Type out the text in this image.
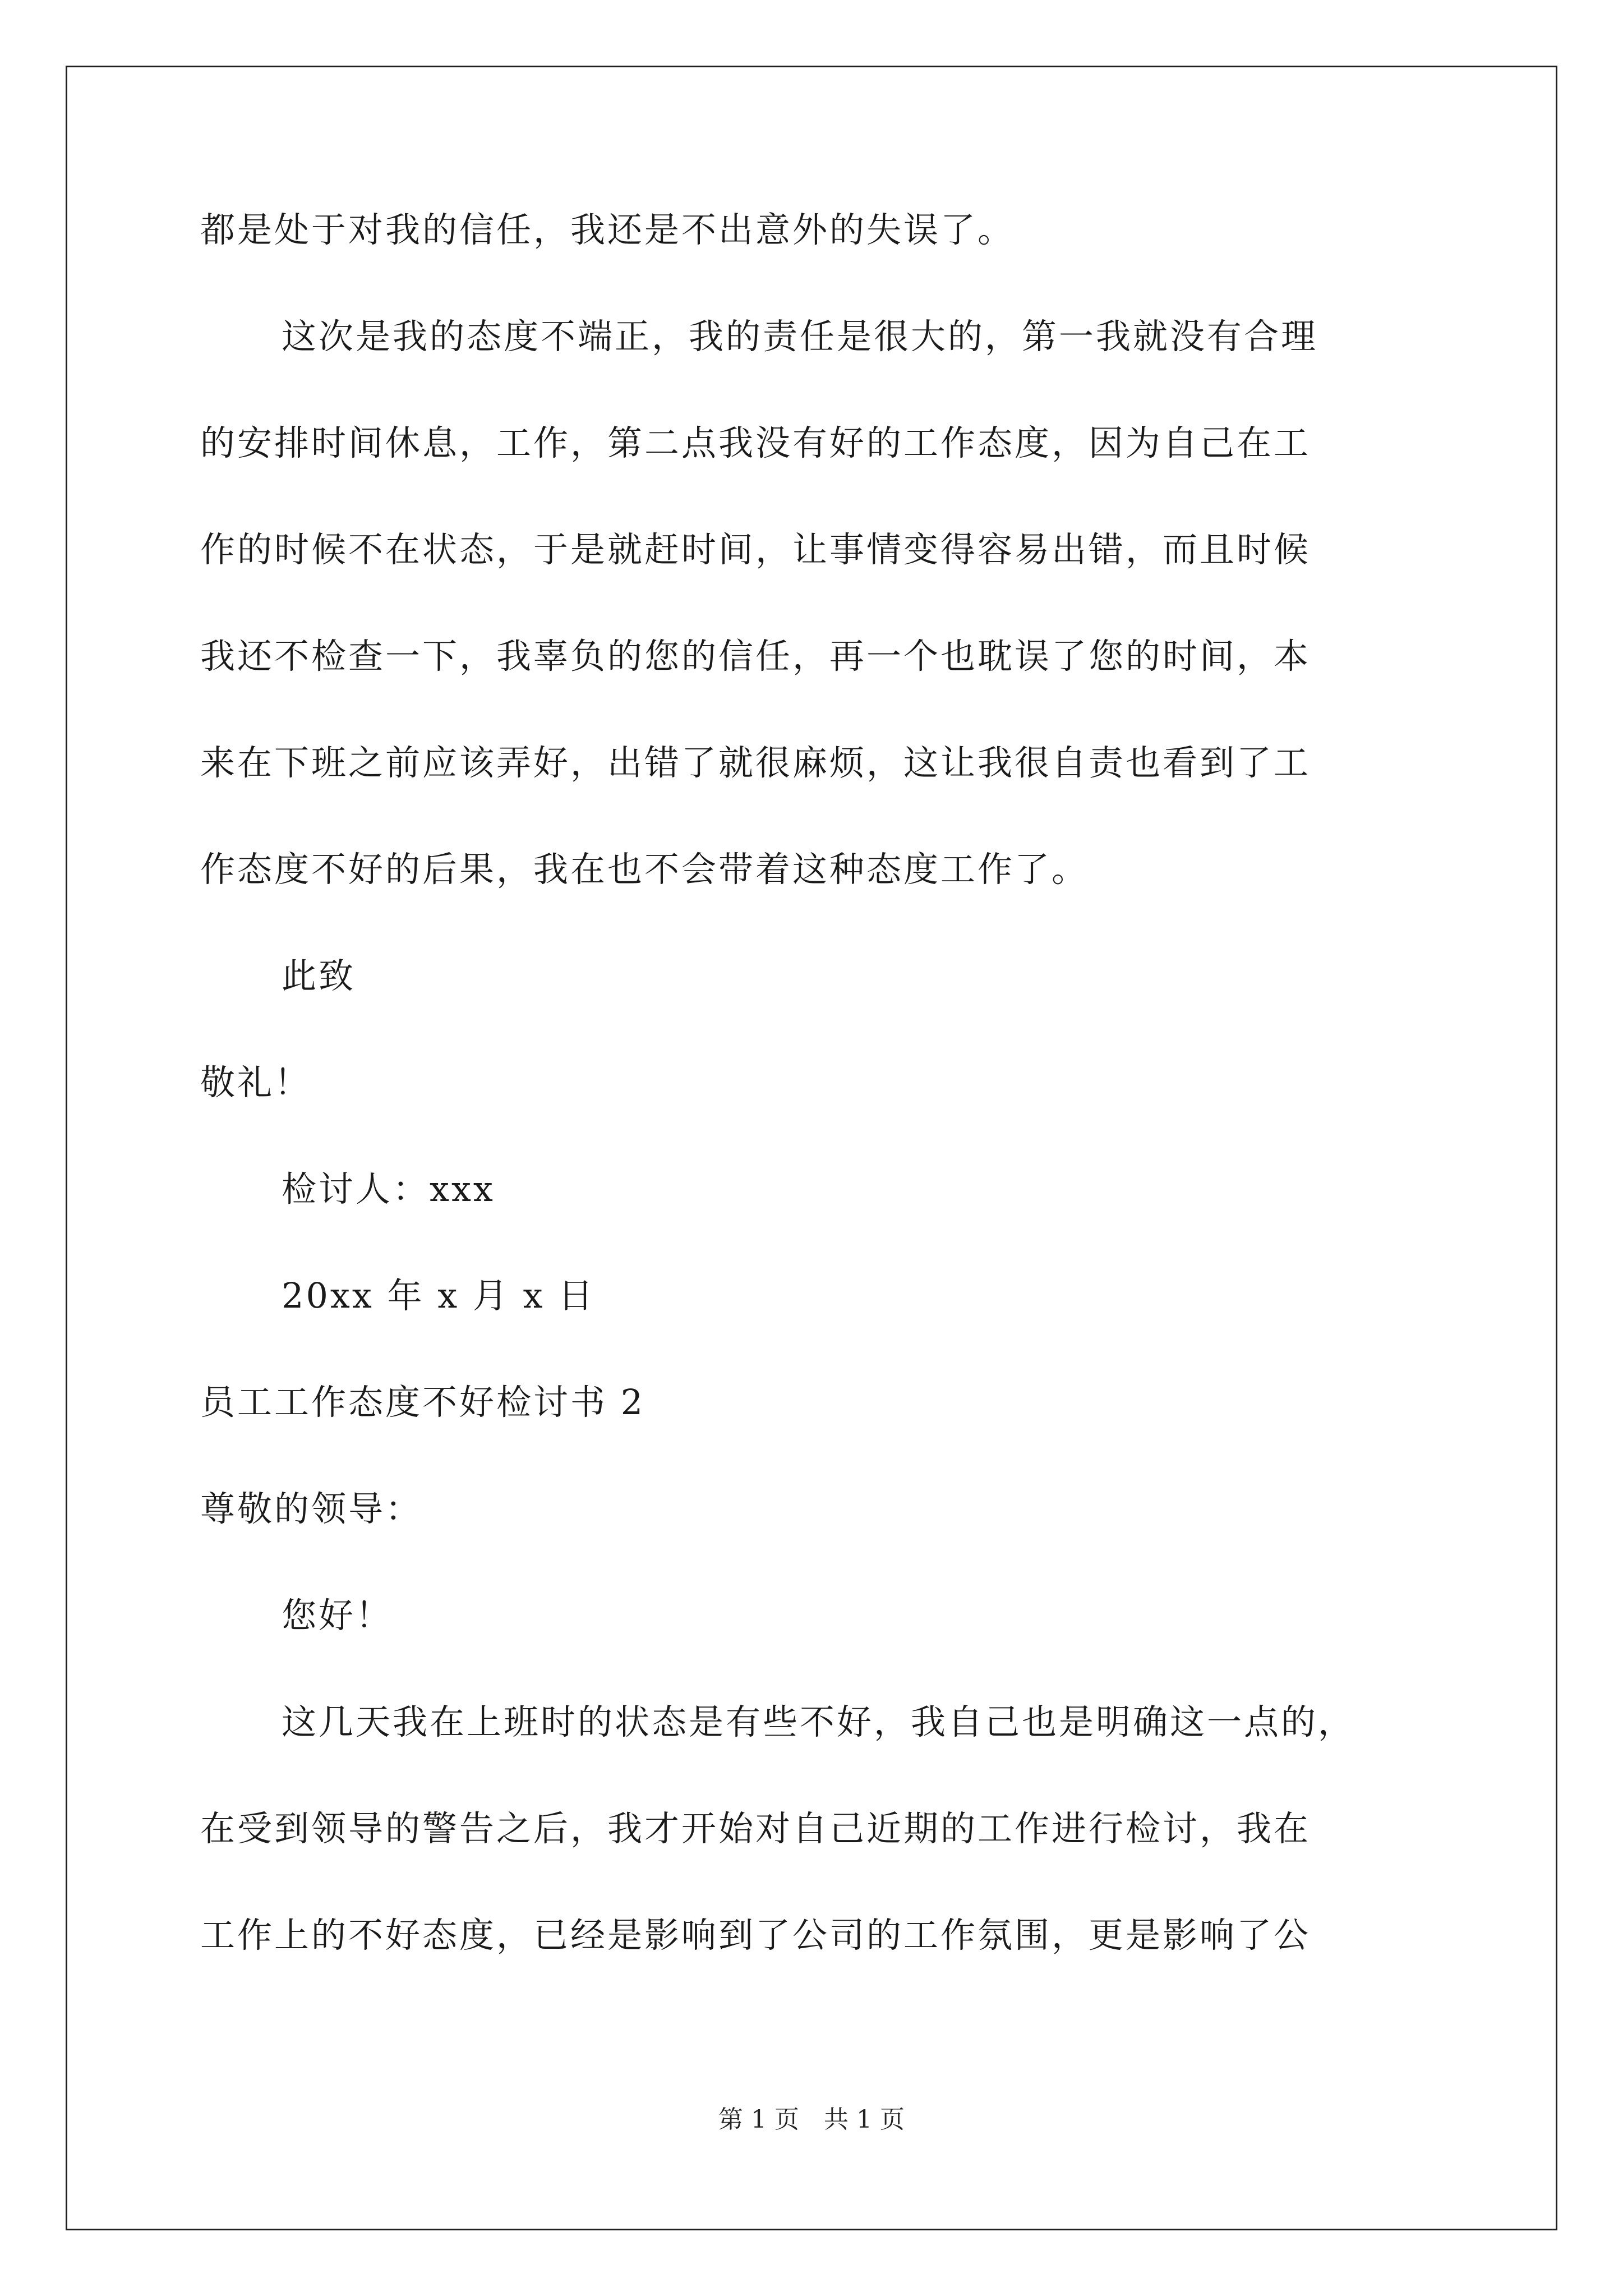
都是处于对我的信任，我还是不出意外的失误了。
这次是我的态度不端正，我的责任是很大的，第一我就没有合理
的安排时间休息，工作，第二点我没有好的工作态度，因为自己在工
作的时候不在状态，于是就赶时间，让事情变得容易出错，而且时候
我还不检查一下，我辜负的您的信任，再一个也耽误了您的时间，本
来在下班之前应该弄好，出错了就很麻烦，这让我很自责也看到了工
作态度不好的后果，我在也不会带着这种态度工作了。
此致
敬礼！
检讨人：xxx
20xx 年 x 月 x 日
员工工作态度不好检讨书 2
尊敬的领导：
您好！
这几天我在上班时的状态是有些不好，我自己也是明确这一点的，
在受到领导的警告之后，我才开始对自己近期的工作进行检讨，我在
工作上的不好态度，已经是影响到了公司的工作氛围，更是影响了公
第 1 页　共 1 页
